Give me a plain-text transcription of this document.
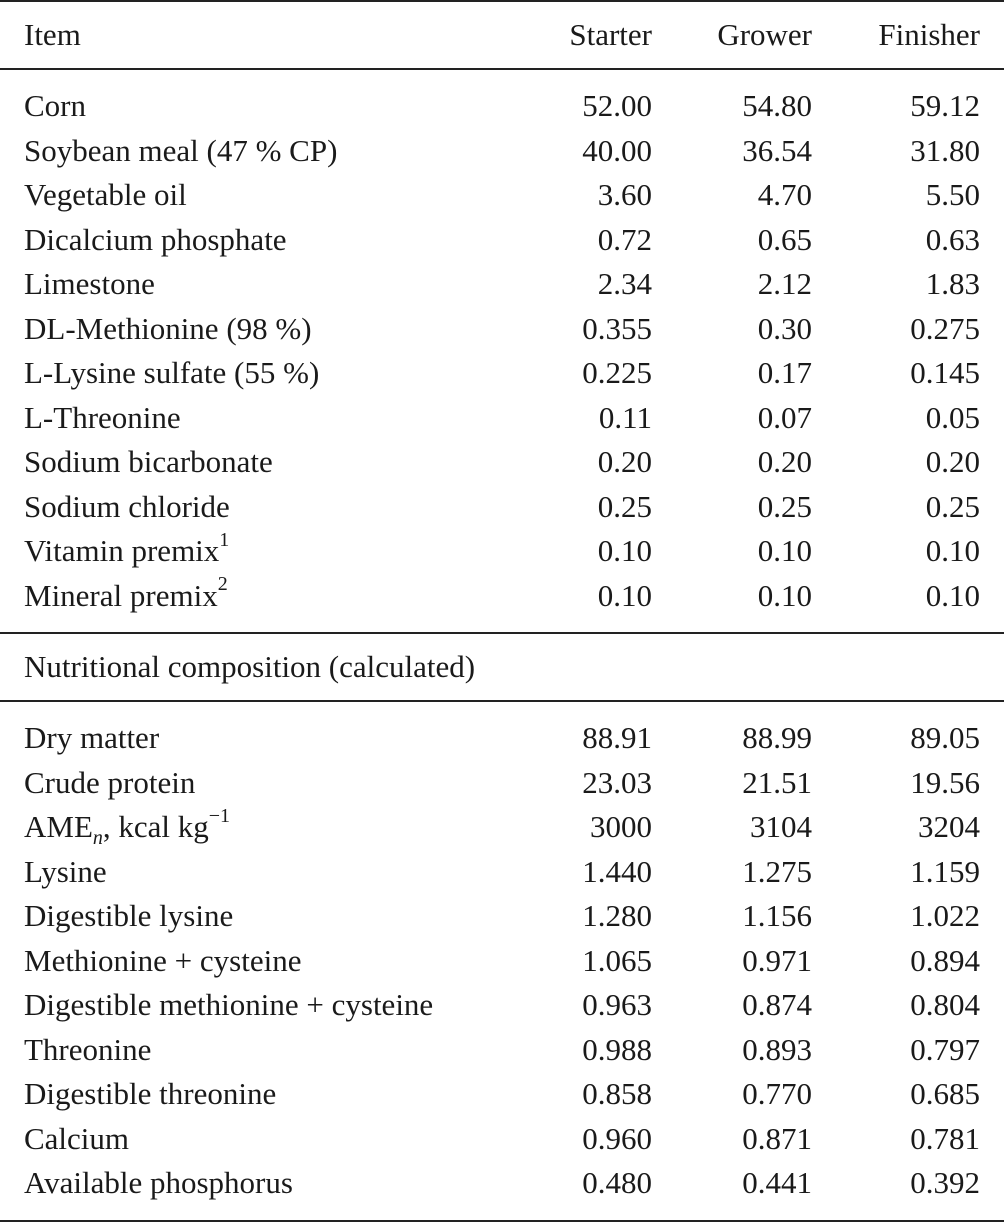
Item	Starter	Grower	Finisher
Corn	52.00	54.80	59.12
Soybean meal (47 % CP)	40.00	36.54	31.80
Vegetable oil	3.60	4.70	5.50
Dicalcium phosphate	0.72	0.65	0.63
Limestone	2.34	2.12	1.83
DL-Methionine (98 %)	0.355	0.30	0.275
L-Lysine sulfate (55 %)	0.225	0.17	0.145
L-Threonine	0.11	0.07	0.05
Sodium bicarbonate	0.20	0.20	0.20
Sodium chloride	0.25	0.25	0.25
Vitamin premix$^1$	0.10	0.10	0.10
Mineral premix$^2$	0.10	0.10	0.10
Nutritional composition (calculated)			
Dry matter	88.91	88.99	89.05
Crude protein	23.03	21.51	19.56
$AME_n$, kcal $kg^{-1}$	3000	3104	3204
Lysine	1.440	1.275	1.159
Digestible lysine	1.280	1.156	1.022
Methionine + cysteine	1.065	0.971	0.894
Digestible methionine + cysteine	0.963	0.874	0.804
Threonine	0.988	0.893	0.797
Digestible threonine	0.858	0.770	0.685
Calcium	0.960	0.871	0.781
Available phosphorus	0.480	0.441	0.392
